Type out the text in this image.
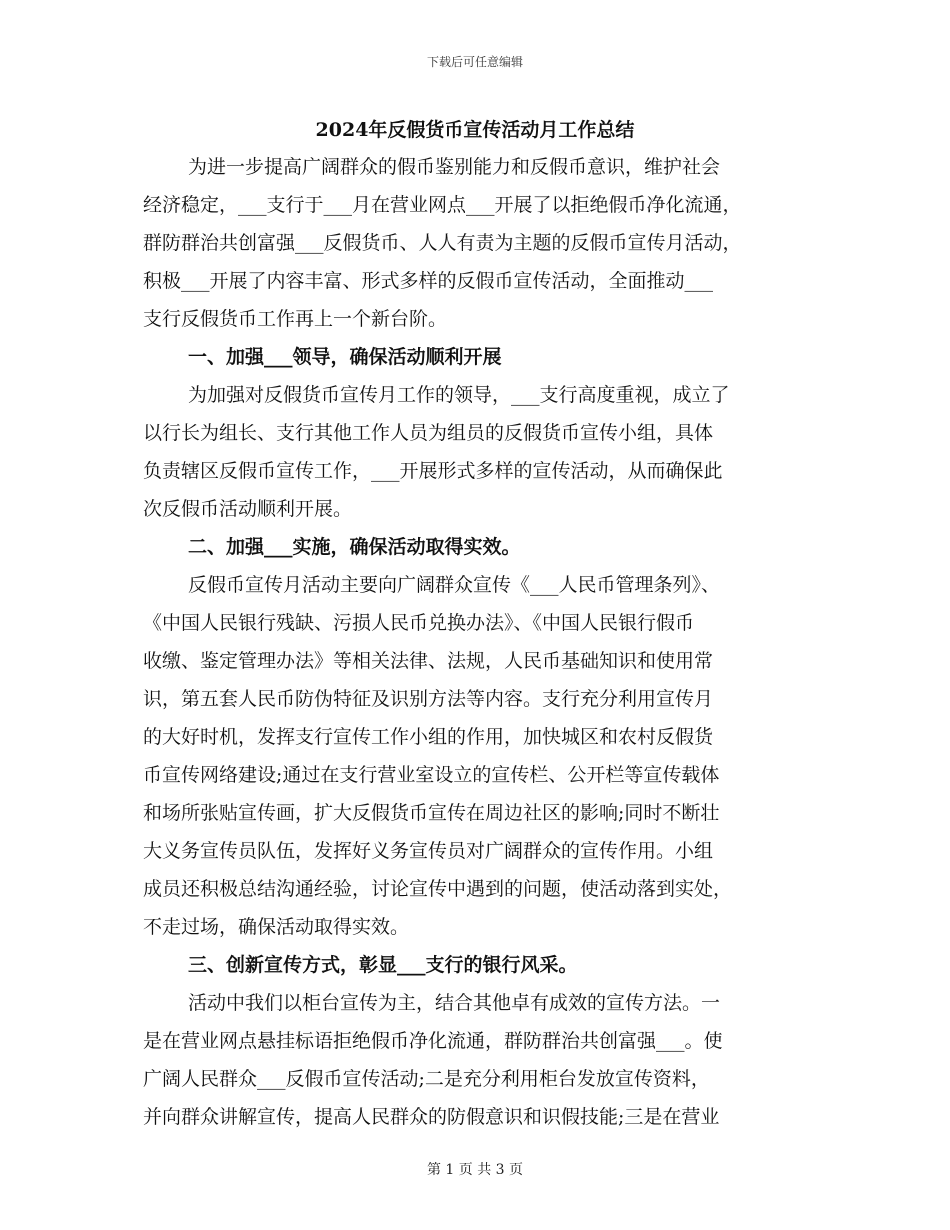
下载后可任意编辑
2024年反假货币宣传活动月工作总结
为进一步提高广阔群众的假币鉴别能力和反假币意识，维护社会
经济稳定，___支行于___月在营业网点___开展了以拒绝假币净化流通，
群防群治共创富强___反假货币、人人有责为主题的反假币宣传月活动，
积极___开展了内容丰富、形式多样的反假币宣传活动，全面推动___
支行反假货币工作再上一个新台阶。
一、加强___领导，确保活动顺利开展
为加强对反假货币宣传月工作的领导，___支行高度重视，成立了
以行长为组长、支行其他工作人员为组员的反假货币宣传小组，具体
负责辖区反假币宣传工作，___开展形式多样的宣传活动，从而确保此
次反假币活动顺利开展。
二、加强___实施，确保活动取得实效。
反假币宣传月活动主要向广阔群众宣传《___人民币管理条列》、
《中国人民银行残缺、污损人民币兑换办法》、《中国人民银行假币
收缴、鉴定管理办法》等相关法律、法规，人民币基础知识和使用常
识，第五套人民币防伪特征及识别方法等内容。支行充分利用宣传月
的大好时机，发挥支行宣传工作小组的作用，加快城区和农村反假货
币宣传网络建设;通过在支行营业室设立的宣传栏、公开栏等宣传载体
和场所张贴宣传画，扩大反假货币宣传在周边社区的影响;同时不断壮
大义务宣传员队伍，发挥好义务宣传员对广阔群众的宣传作用。小组
成员还积极总结沟通经验，讨论宣传中遇到的问题，使活动落到实处，
不走过场，确保活动取得实效。
三、创新宣传方式，彰显___支行的银行风采。
活动中我们以柜台宣传为主，结合其他卓有成效的宣传方法。一
是在营业网点悬挂标语拒绝假币净化流通，群防群治共创富强___。使
广阔人民群众___反假币宣传活动;二是充分利用柜台发放宣传资料，
并向群众讲解宣传，提高人民群众的防假意识和识假技能;三是在营业
第 1 页 共 3 页
